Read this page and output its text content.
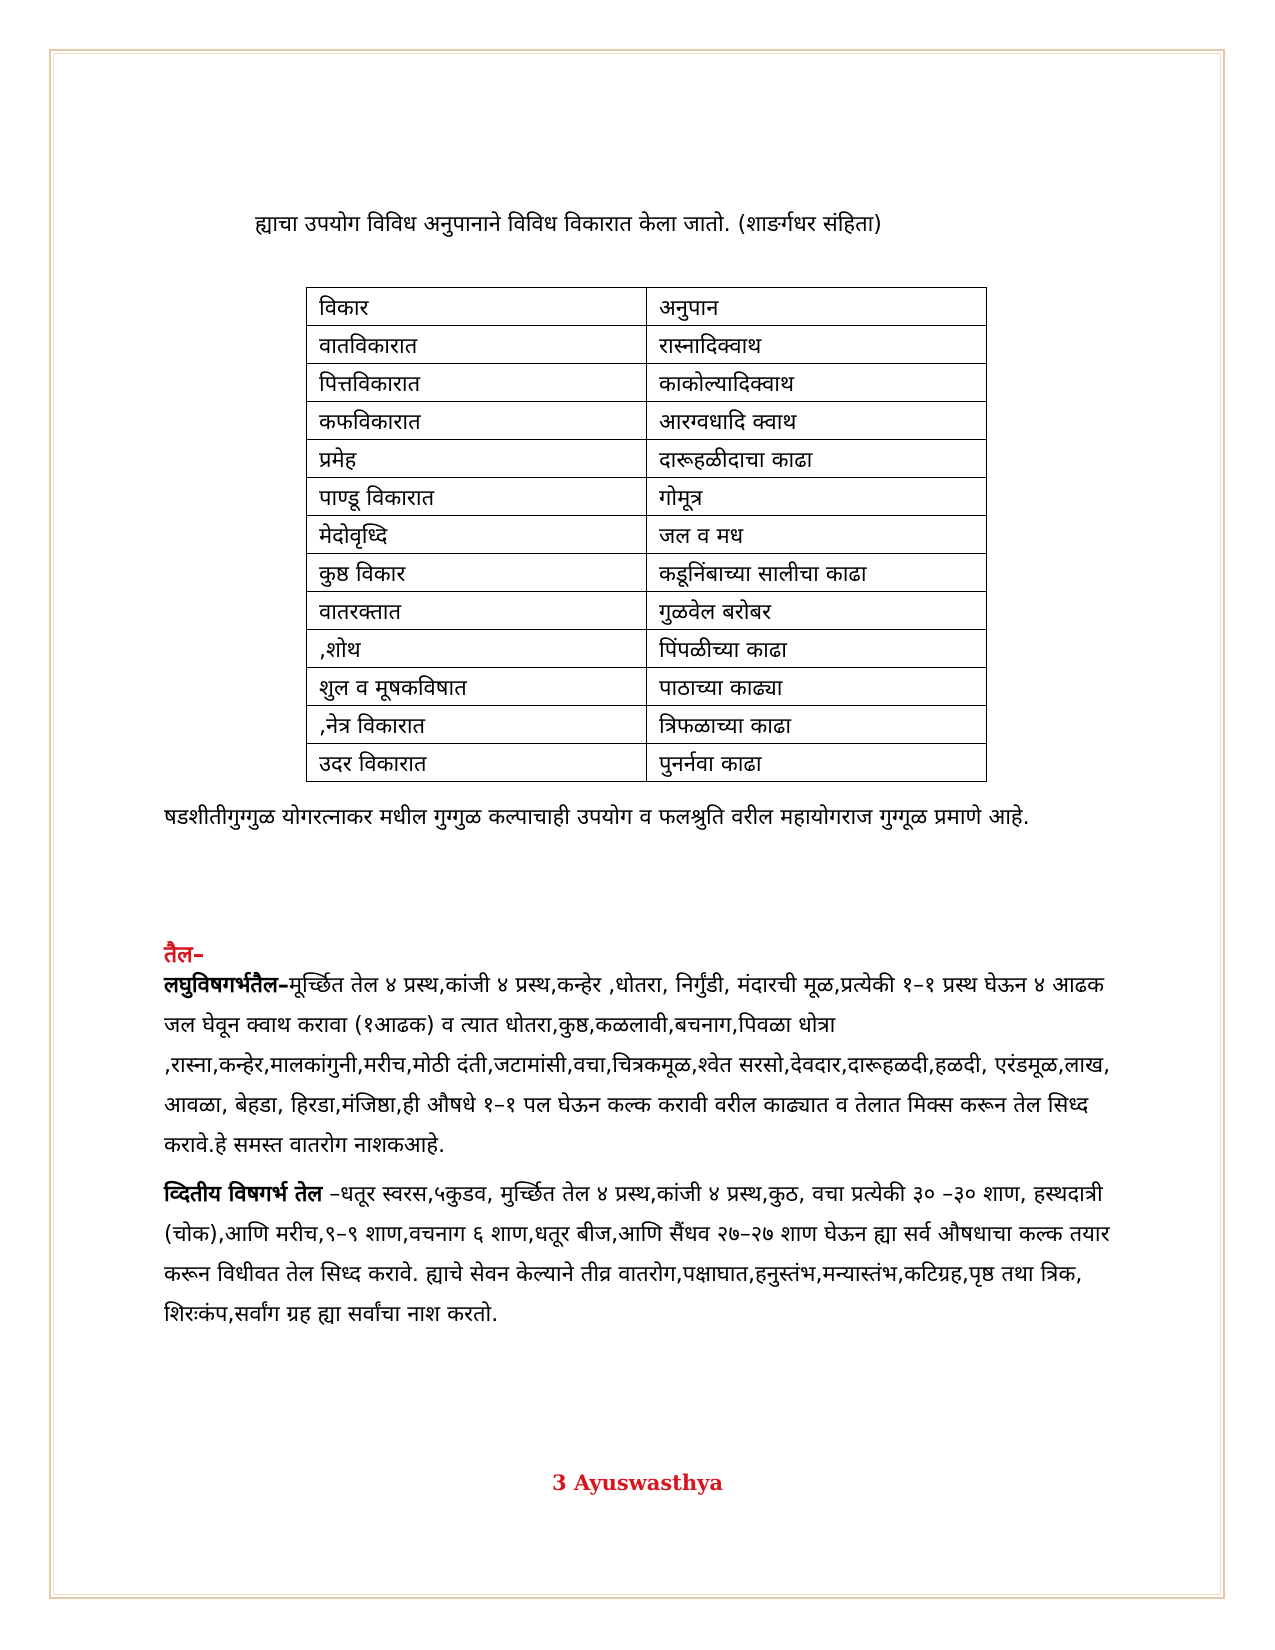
ह्याचा उपयोग विविध अनुपानाने विविध विकारात केला जातो. (शाङर्गधर संहिता)
विकार	अनुपान
वातविकारात	रास्नादिक्वाथ
पित्तविकारात	काकोल्यादिक्वाथ
कफविकारात	आरग्वधादि क्वाथ
प्रमेह	दारूहळीदाचा काढा
पाण्डू विकारात	गोमूत्र
मेदोवृध्दि	जल व मध
कुष्ठ विकार	कडूनिंबाच्या सालीचा काढा
वातरक्तात	गुळवेल बरोबर
,शोथ	पिंपळीच्या काढा
शुल व मूषकविषात	पाठाच्या काढ्या
,नेत्र विकारात	त्रिफळाच्या काढा
उदर विकारात	पुनर्नवा काढा
षडशीतीगुग्गुळ योगरत्नाकर मधील गुग्गुळ कल्पाचाही उपयोग व फलश्रुति वरील महायोगराज गुग्गूळ प्रमाणे आहे.
तैल–
लघुविषगर्भतैल–मूर्च्छित तेल ४ प्रस्थ,कांजी ४ प्रस्थ,कन्हेर ,धोतरा, निर्गुंडी, मंदारची मूळ,प्रत्येकी १–१ प्रस्थ घेऊन ४ आढक जल घेवून क्वाथ करावा (१आढक) व त्यात धोतरा,कुष्ठ,कळलावी,बचनाग,पिवळा धोत्रा ,रास्ना,कन्हेर,मालकांगुनी,मरीच,मोठी दंती,जटामांसी,वचा,चित्रकमूळ,श्वेत सरसो,देवदार,दारूहळदी,हळदी, एरंडमूळ,लाख, आवळा, बेहडा, हिरडा,मंजिष्ठा,ही औषधे १–१ पल घेऊन कल्क करावी वरील काढ्यात व तेलात मिक्स करून तेल सिध्द करावे.हे समस्त वातरोग नाशकआहे.
व्दितीय विषगर्भ तेल –धतूर स्वरस,५कुडव, मुर्च्छित तेल ४ प्रस्थ,कांजी ४ प्रस्थ,कुठ, वचा प्रत्येकी ३० –३० शाण, हस्थदात्री (चोक),आणि मरीच,९–९ शाण,वचनाग ६ शाण,धतूर बीज,आणि सैंधव २७–२७ शाण घेऊन ह्या सर्व औषधाचा कल्क तयार करून विधीवत तेल सिध्द करावे. ह्याचे सेवन केल्याने तीव्र वातरोग,पक्षाघात,हनुस्तंभ,मन्यास्तंभ,कटिग्रह,पृष्ठ तथा त्रिक, शिरःकंप,सर्वांग ग्रह ह्या सर्वांचा नाश करतो.
3 Ayuswasthya
